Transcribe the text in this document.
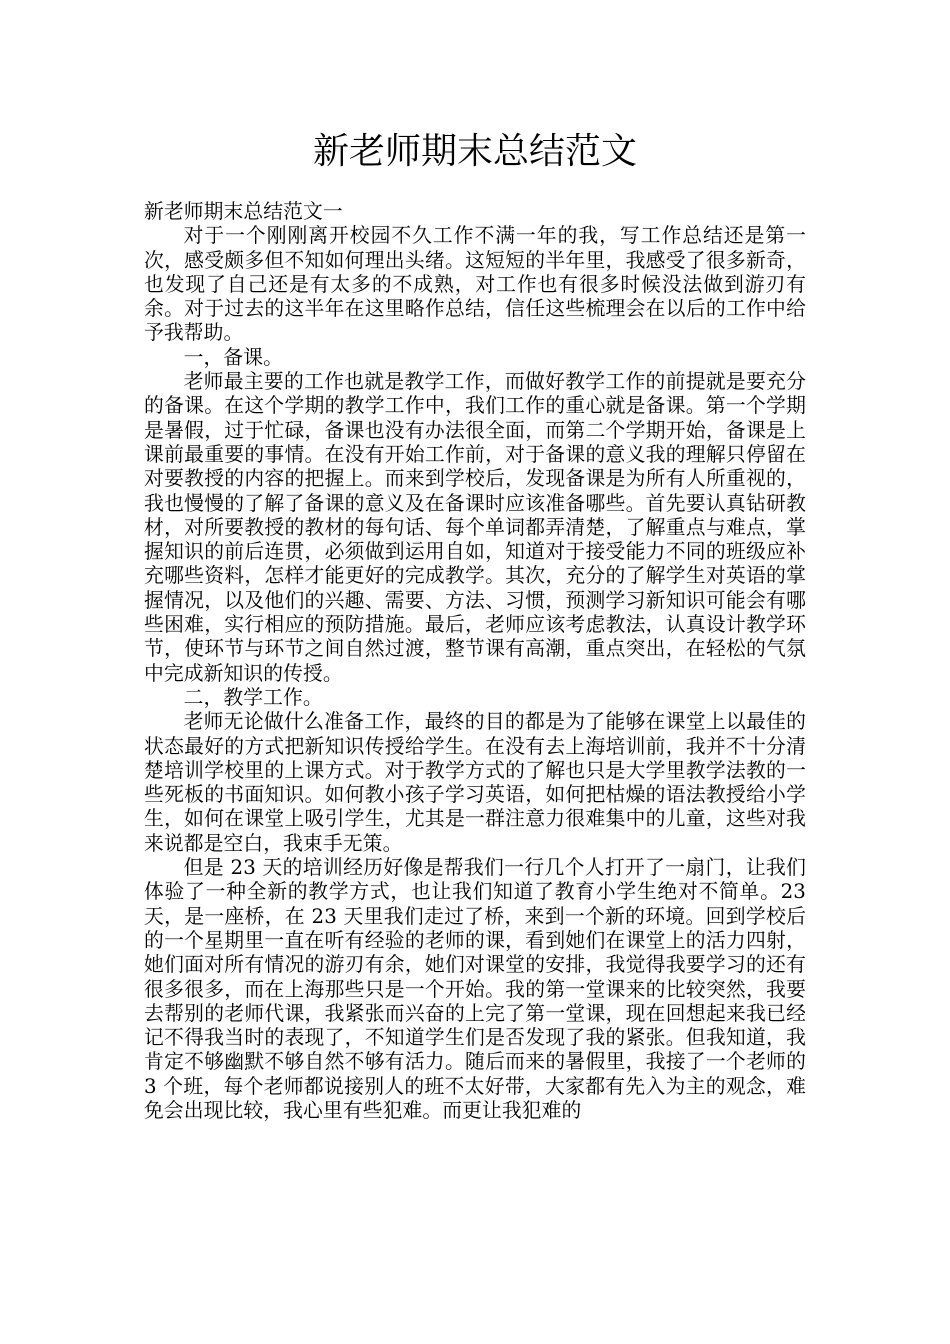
新老师期末总结范文

新老师期末总结范文一

对于一个刚刚离开校园不久工作不满一年的我，写工作总结还是第一次，感受颇多但不知如何理出头绪。这短短的半年里，我感受了很多新奇，也发现了自己还是有太多的不成熟，对工作也有很多时候没法做到游刃有余。对于过去的这半年在这里略作总结，信任这些梳理会在以后的工作中给予我帮助。

一，备课。

老师最主要的工作也就是教学工作，而做好教学工作的前提就是要充分的备课。在这个学期的教学工作中，我们工作的重心就是备课。第一个学期是暑假，过于忙碌，备课也没有办法很全面，而第二个学期开始，备课是上课前最重要的事情。在没有开始工作前，对于备课的意义我的理解只停留在对要教授的内容的把握上。而来到学校后，发现备课是为所有人所重视的，我也慢慢的了解了备课的意义及在备课时应该准备哪些。首先要认真钻研教材，对所要教授的教材的每句话、每个单词都弄清楚，了解重点与难点，掌握知识的前后连贯，必须做到运用自如，知道对于接受能力不同的班级应补充哪些资料，怎样才能更好的完成教学。其次，充分的了解学生对英语的掌握情况，以及他们的兴趣、需要、方法、习惯，预测学习新知识可能会有哪些困难，实行相应的预防措施。最后，老师应该考虑教法，认真设计教学环节，使环节与环节之间自然过渡，整节课有高潮，重点突出，在轻松的气氛中完成新知识的传授。

二，教学工作。

老师无论做什么准备工作，最终的目的都是为了能够在课堂上以最佳的状态最好的方式把新知识传授给学生。在没有去上海培训前，我并不十分清楚培训学校里的上课方式。对于教学方式的了解也只是大学里教学法教的一些死板的书面知识。如何教小孩子学习英语，如何把枯燥的语法教授给小学生，如何在课堂上吸引学生，尤其是一群注意力很难集中的儿童，这些对我来说都是空白，我束手无策。

但是 23 天的培训经历好像是帮我们一行几个人打开了一扇门，让我们体验了一种全新的教学方式，也让我们知道了教育小学生绝对不简单。23 天，是一座桥，在 23 天里我们走过了桥，来到一个新的环境。回到学校后的一个星期里一直在听有经验的老师的课，看到她们在课堂上的活力四射，她们面对所有情况的游刃有余，她们对课堂的安排，我觉得我要学习的还有很多很多，而在上海那些只是一个开始。我的第一堂课来的比较突然，我要去帮别的老师代课，我紧张而兴奋的上完了第一堂课，现在回想起来我已经记不得我当时的表现了，不知道学生们是否发现了我的紧张。但我知道，我肯定不够幽默不够自然不够有活力。随后而来的暑假里，我接了一个老师的 3 个班，每个老师都说接别人的班不太好带，大家都有先入为主的观念，难免会出现比较，我心里有些犯难。而更让我犯难的
